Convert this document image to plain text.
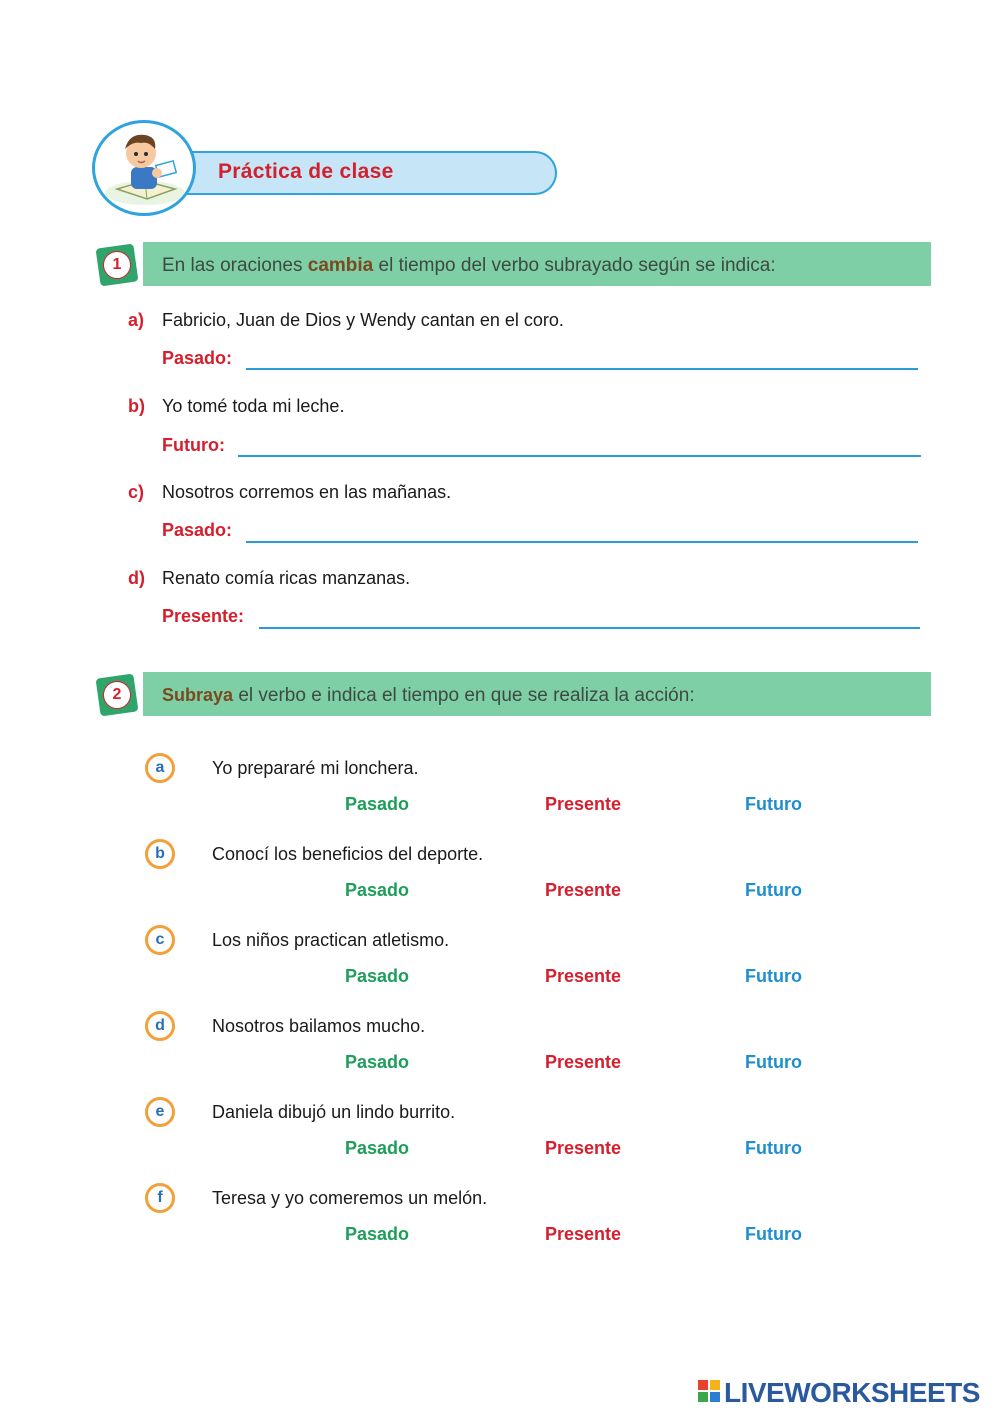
Práctica de clase
1	En las oraciones cambia el tiempo del verbo subrayado según se indica:
a) Fabricio, Juan de Dios y Wendy cantan en el coro.
Pasado:
b) Yo tomé toda mi leche.
Futuro:
c) Nosotros corremos en las mañanas.
Pasado:
d) Renato comía ricas manzanas.
Presente:
2	Subraya el verbo e indica el tiempo en que se realiza la acción:
a	Yo prepararé mi lonchera.
Pasado	Presente	Futuro
b	Conocí los beneficios del deporte.
Pasado	Presente	Futuro
c	Los niños practican atletismo.
Pasado	Presente	Futuro
d	Nosotros bailamos mucho.
Pasado	Presente	Futuro
e	Daniela dibujó un lindo burrito.
Pasado	Presente	Futuro
f	Teresa y yo comeremos un melón.
Pasado	Presente	Futuro
LIVEWORKSHEETS
